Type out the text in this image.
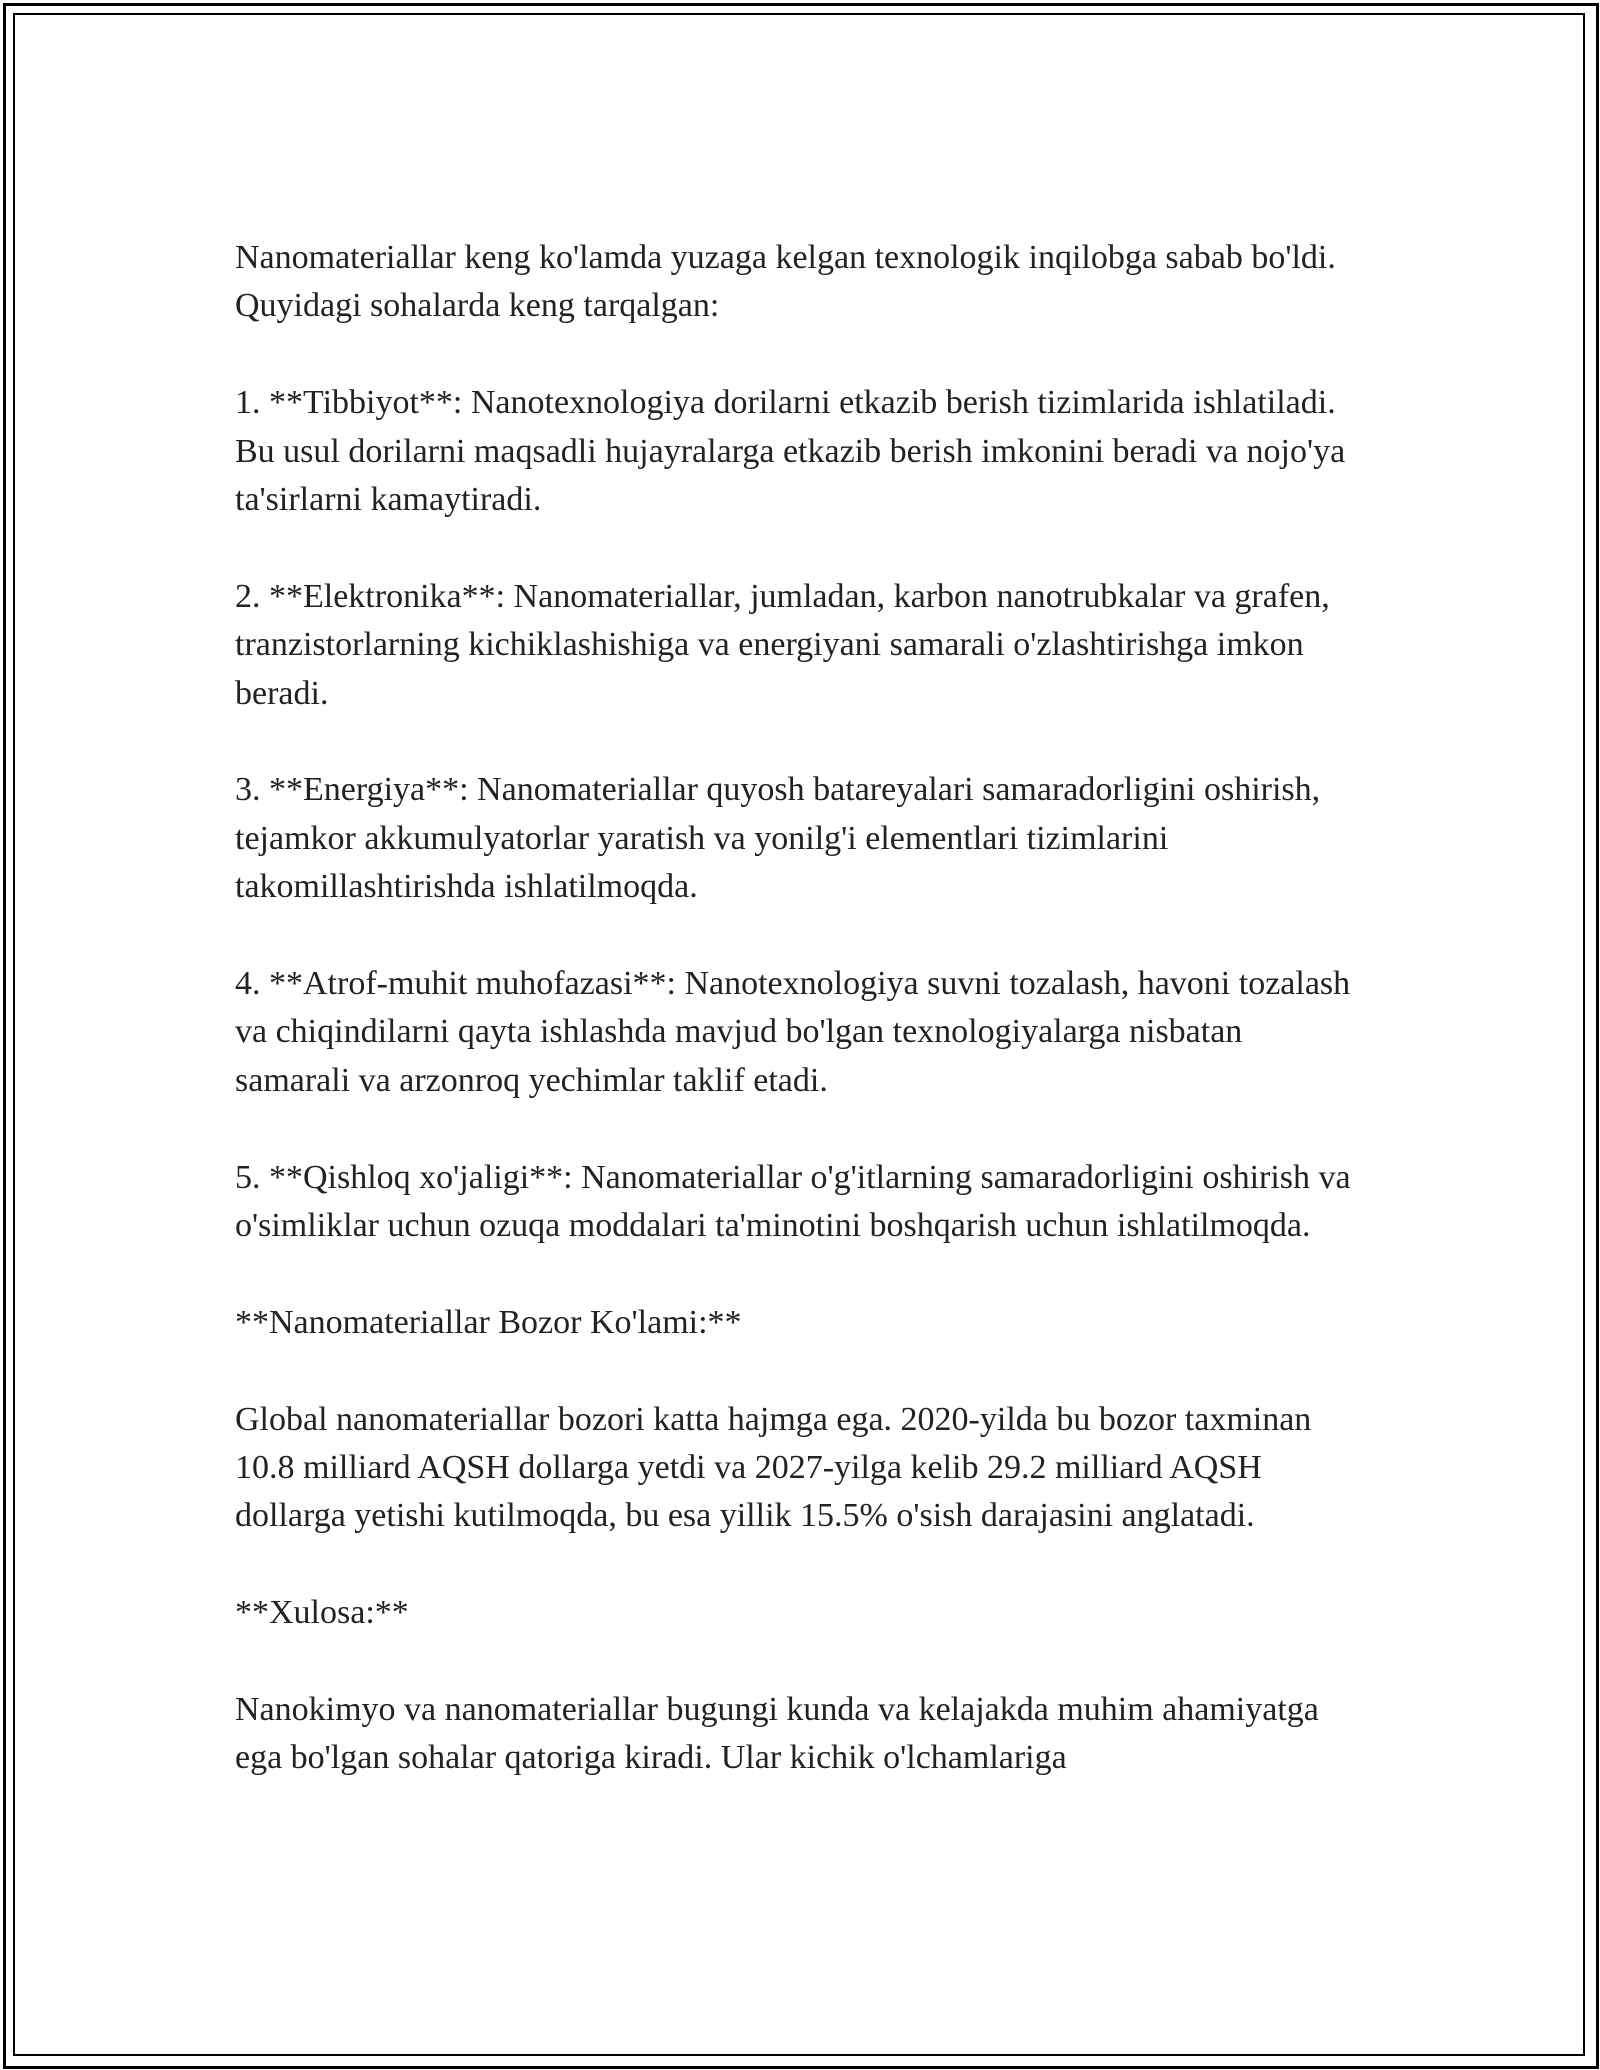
Nanomateriallar keng ko'lamda yuzaga kelgan texnologik inqilobga sabab bo'ldi. Quyidagi sohalarda keng tarqalgan:

1. **Tibbiyot**: Nanotexnologiya dorilarni etkazib berish tizimlarida ishlatiladi. Bu usul dorilarni maqsadli hujayralarga etkazib berish imkonini beradi va nojo'ya ta'sirlarni kamaytiradi.

2. **Elektronika**: Nanomateriallar, jumladan, karbon nanotrubkalar va grafen, tranzistorlarning kichiklashishiga va energiyani samarali o'zlashtirishga imkon beradi.

3. **Energiya**: Nanomateriallar quyosh batareyalari samaradorligini oshirish, tejamkor akkumulyatorlar yaratish va yonilg'i elementlari tizimlarini takomillashtirishda ishlatilmoqda.

4. **Atrof-muhit muhofazasi**: Nanotexnologiya suvni tozalash, havoni tozalash va chiqindilarni qayta ishlashda mavjud bo'lgan texnologiyalarga nisbatan samarali va arzonroq yechimlar taklif etadi.

5. **Qishloq xo'jaligi**: Nanomateriallar o'g'itlarning samaradorligini oshirish va o'simliklar uchun ozuqa moddalari ta'minotini boshqarish uchun ishlatilmoqda.

**Nanomateriallar Bozor Ko'lami:**

Global nanomateriallar bozori katta hajmga ega. 2020-yilda bu bozor taxminan 10.8 milliard AQSH dollarga yetdi va 2027-yilga kelib 29.2 milliard AQSH dollarga yetishi kutilmoqda, bu esa yillik 15.5% o'sish darajasini anglatadi.

**Xulosa:**

Nanokimyo va nanomateriallar bugungi kunda va kelajakda muhim ahamiyatga ega bo'lgan sohalar qatoriga kiradi. Ular kichik o'lchamlariga
